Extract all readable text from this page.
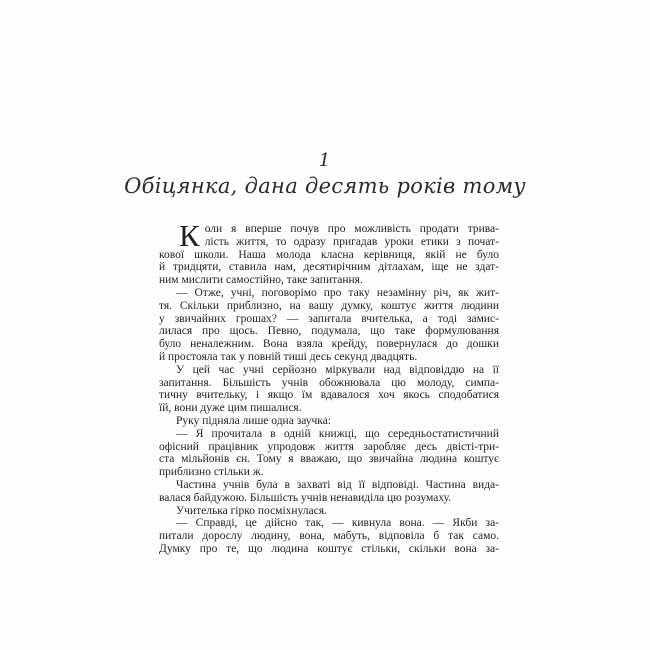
1
Обіцянка, дана десять років тому

К оли я вперше почув про можливість продати трива-
лість життя, то одразу пригадав уроки етики з почат-
кової школи. Наша молода класна керівниця, якій не було
й тридцяти, ставила нам, десятирічним дітлахам, іще не здат-
ним мислити самостійно, таке запитання.

— Отже, учні, поговорімо про таку незамінну річ, як жит-
тя. Скільки приблизно, на вашу думку, коштує життя людини
у звичайних грошах? — запитала вчителька, а тоді замис-
лилася про щось. Певно, подумала, що таке формулювання
було неналежним. Вона взяла крейду, повернулася до дошки
й простояла так у повній тиші десь секунд двадцять.

У цей час учні серйозно міркували над відповіддю на її
запитання. Більшість учнів обожнювала цю молоду, симпа-
тичну вчительку, і якщо їм вдавалося хоч якось сподобатися
їй, вони дуже цим пишалися.

Руку підняла лише одна заучка:

— Я прочитала в одній книжці, що середньостатистичний
офісний працівник упродовж життя заробляє десь двісті-три-
ста мільйонів єн. Тому я вважаю, що звичайна людина коштує
приблизно стільки ж.

Частина учнів була в захваті від її відповіді. Частина вида-
валася байдужою. Більшість учнів ненавиділа цю розумаху.

Учителька гірко посміхнулася.

— Справді, це дійсно так, — кивнула вона. — Якби за-
питали дорослу людину, вона, мабуть, відповіла б так само.
Думку про те, що людина коштує стільки, скільки вона за-
